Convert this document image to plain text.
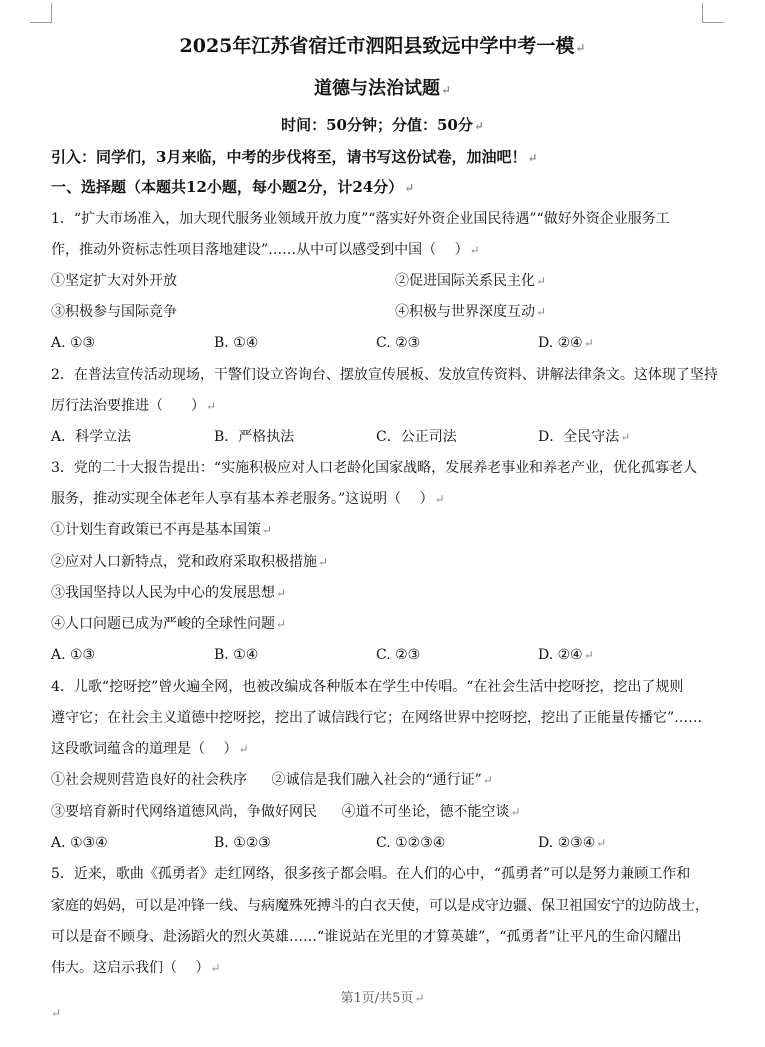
2025年江苏省宿迁市泗阳县致远中学中考一模↵
道德与法治试题↵
时间：50分钟；分值：50分↵
引入：同学们，3月来临，中考的步伐将至，请书写这份试卷，加油吧！↵
一、选择题（本题共12小题，每小题2分，计24分）↵
1．“扩大市场准入，加大现代服务业领域开放力度”“落实好外资企业国民待遇”“做好外资企业服务工
作，推动外资标志性项目落地建设”……从中可以感受到中国（　 ）↵
①坚定扩大对外开放	②促进国际关系民主化↵
③积极参与国际竞争	④积极与世界深度互动↵
A. ①③	B. ①④	C. ②③	D. ②④↵
2．在普法宣传活动现场，干警们设立咨询台、摆放宣传展板、发放宣传资料、讲解法律条文。这体现了坚持
厉行法治要推进（　　）↵
A．科学立法	B．严格执法	C．公正司法	D．全民守法↵
3．党的二十大报告提出：“实施积极应对人口老龄化国家战略，发展养老事业和养老产业，优化孤寡老人
服务，推动实现全体老年人享有基本养老服务。”这说明（　 ）↵
①计划生育政策已不再是基本国策↵
②应对人口新特点，党和政府采取积极措施↵
③我国坚持以人民为中心的发展思想↵
④人口问题已成为严峻的全球性问题↵
A. ①③	B. ①④	C. ②③	D. ②④↵
4．儿歌“挖呀挖”曾火遍全网，也被改编成各种版本在学生中传唱。“在社会生活中挖呀挖，挖出了规则
遵守它；在社会主义道德中挖呀挖，挖出了诚信践行它；在网络世界中挖呀挖，挖出了正能量传播它”……
这段歌词蕴含的道理是（　 ）↵
①社会规则营造良好的社会秩序 ②诚信是我们融入社会的“通行证”↵
③要培育新时代网络道德风尚，争做好网民 ④道不可坐论，德不能空谈↵
A. ①③④	B. ①②③	C. ①②③④	D. ②③④↵
5．近来，歌曲《孤勇者》走红网络，很多孩子都会唱。在人们的心中，“孤勇者”可以是努力兼顾工作和
家庭的妈妈，可以是冲锋一线、与病魔殊死搏斗的白衣天使，可以是戍守边疆、保卫祖国安宁的边防战士，
可以是奋不顾身、赴汤蹈火的烈火英雄……“谁说站在光里的才算英雄”，“孤勇者”让平凡的生命闪耀出
伟大。这启示我们（　 ）↵
第1页/共5页↵
↵
